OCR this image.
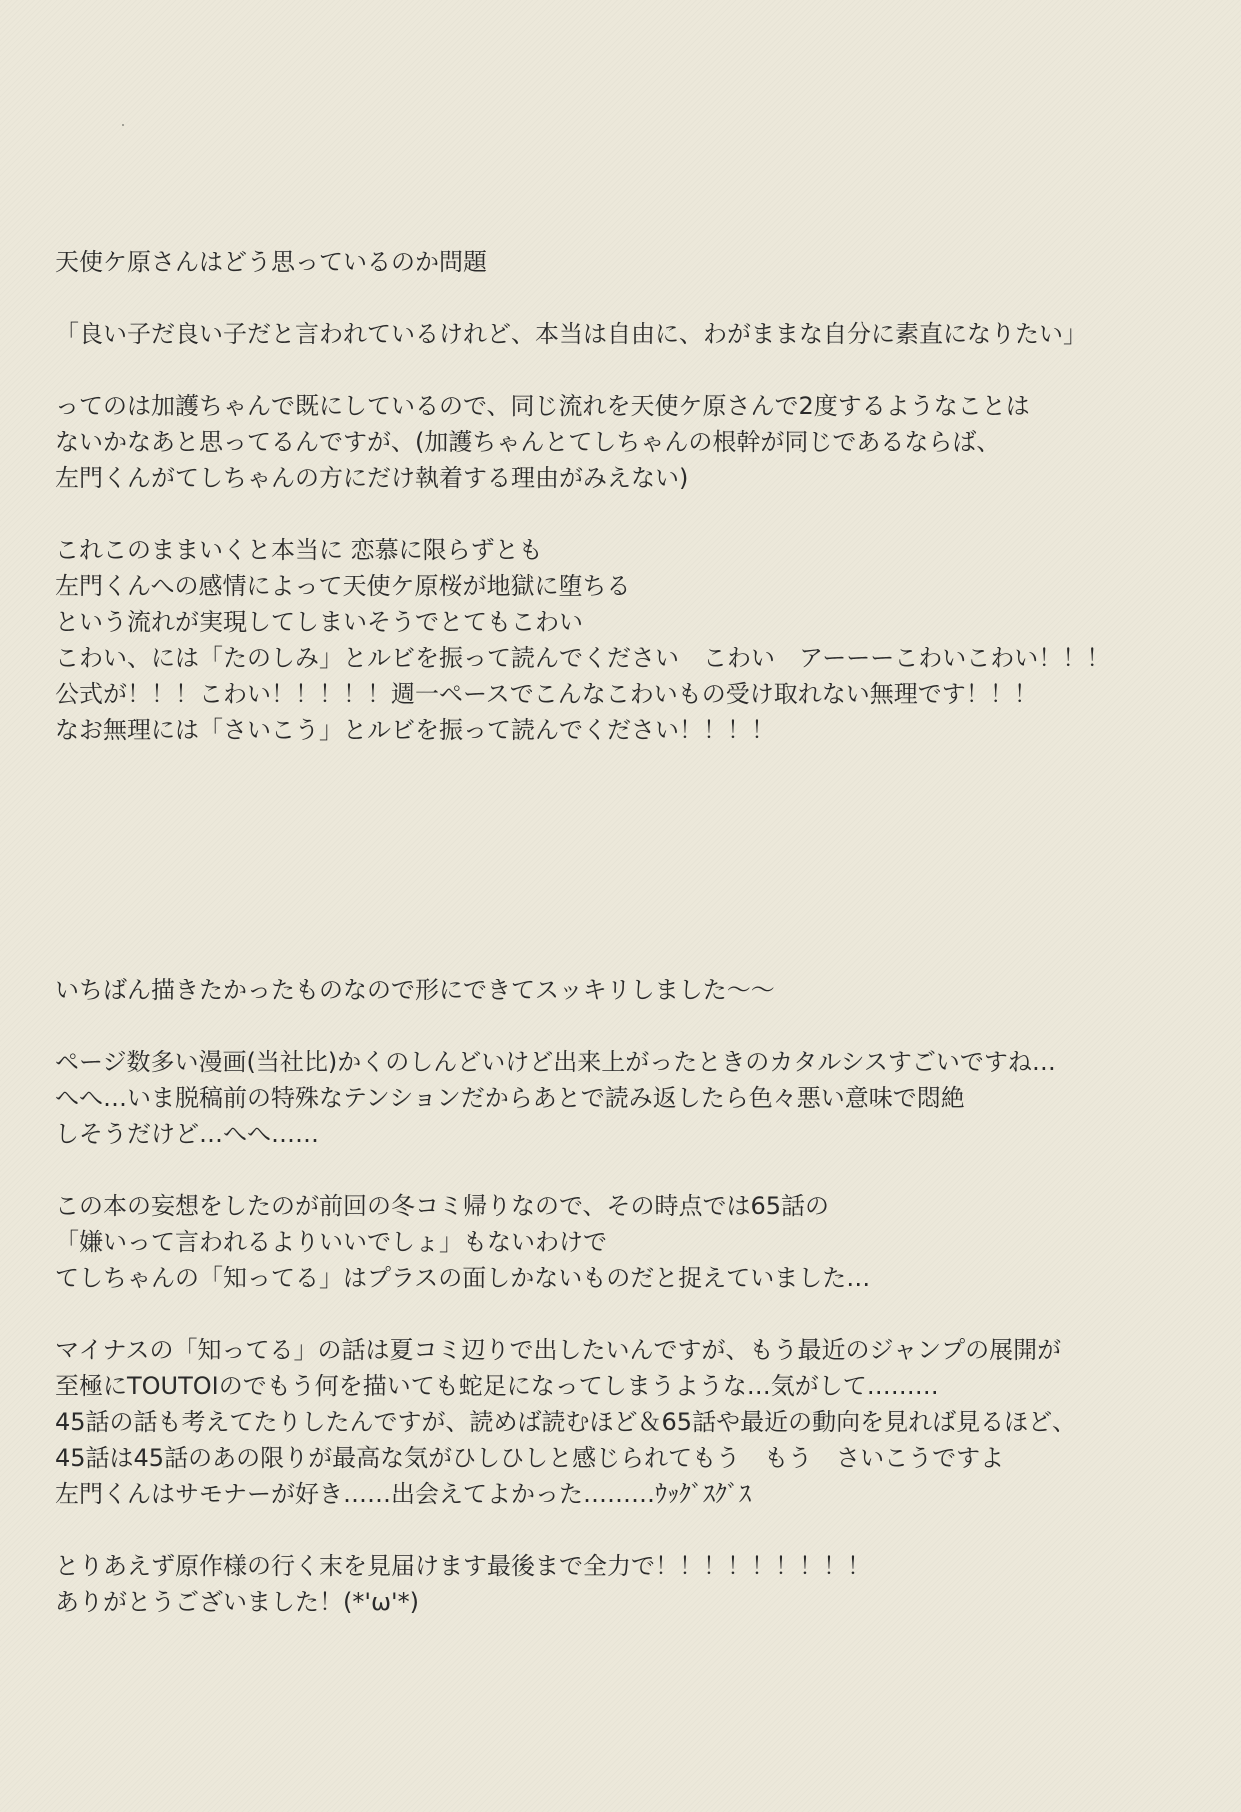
天使ケ原さんはどう思っているのか問題
「良い子だ良い子だと言われているけれど、本当は自由に、わがままな自分に素直になりたい」
ってのは加護ちゃんで既にしているので、同じ流れを天使ケ原さんで2度するようなことは
ないかなあと思ってるんですが、(加護ちゃんとてしちゃんの根幹が同じであるならば、
左門くんがてしちゃんの方にだけ執着する理由がみえない)
これこのままいくと本当に 恋慕に限らずとも
左門くんへの感情によって天使ケ原桜が地獄に堕ちる
という流れが実現してしまいそうでとてもこわい
こわい、には「たのしみ」とルビを振って読んでください　こわい　アーーーこわいこわい！！！
公式が！！！こわい！！！！！週一ペースでこんなこわいもの受け取れない無理です！！！
なお無理には「さいこう」とルビを振って読んでください！！！！
いちばん描きたかったものなので形にできてスッキリしました〜〜
ページ数多い漫画(当社比)かくのしんどいけど出来上がったときのカタルシスすごいですね…
へへ…いま脱稿前の特殊なテンションだからあとで読み返したら色々悪い意味で悶絶
しそうだけど…へへ……
この本の妄想をしたのが前回の冬コミ帰りなので、その時点では65話の
「嫌いって言われるよりいいでしょ」もないわけで
てしちゃんの「知ってる」はプラスの面しかないものだと捉えていました…
マイナスの「知ってる」の話は夏コミ辺りで出したいんですが、もう最近のジャンプの展開が
至極にTOUTOIのでもう何を描いても蛇足になってしまうような…気がして………
45話の話も考えてたりしたんですが、読めば読むほど＆65話や最近の動向を見れば見るほど、
45話は45話のあの限りが最高な気がひしひしと感じられてもう　もう　さいこうですよ
左門くんはサモナーが好き……出会えてよかった………ｳｯｸﾞｽｸﾞｽ
とりあえず原作様の行く末を見届けます最後まで全力で！！！！！！！！！
ありがとうございました！(*'ω'*)
